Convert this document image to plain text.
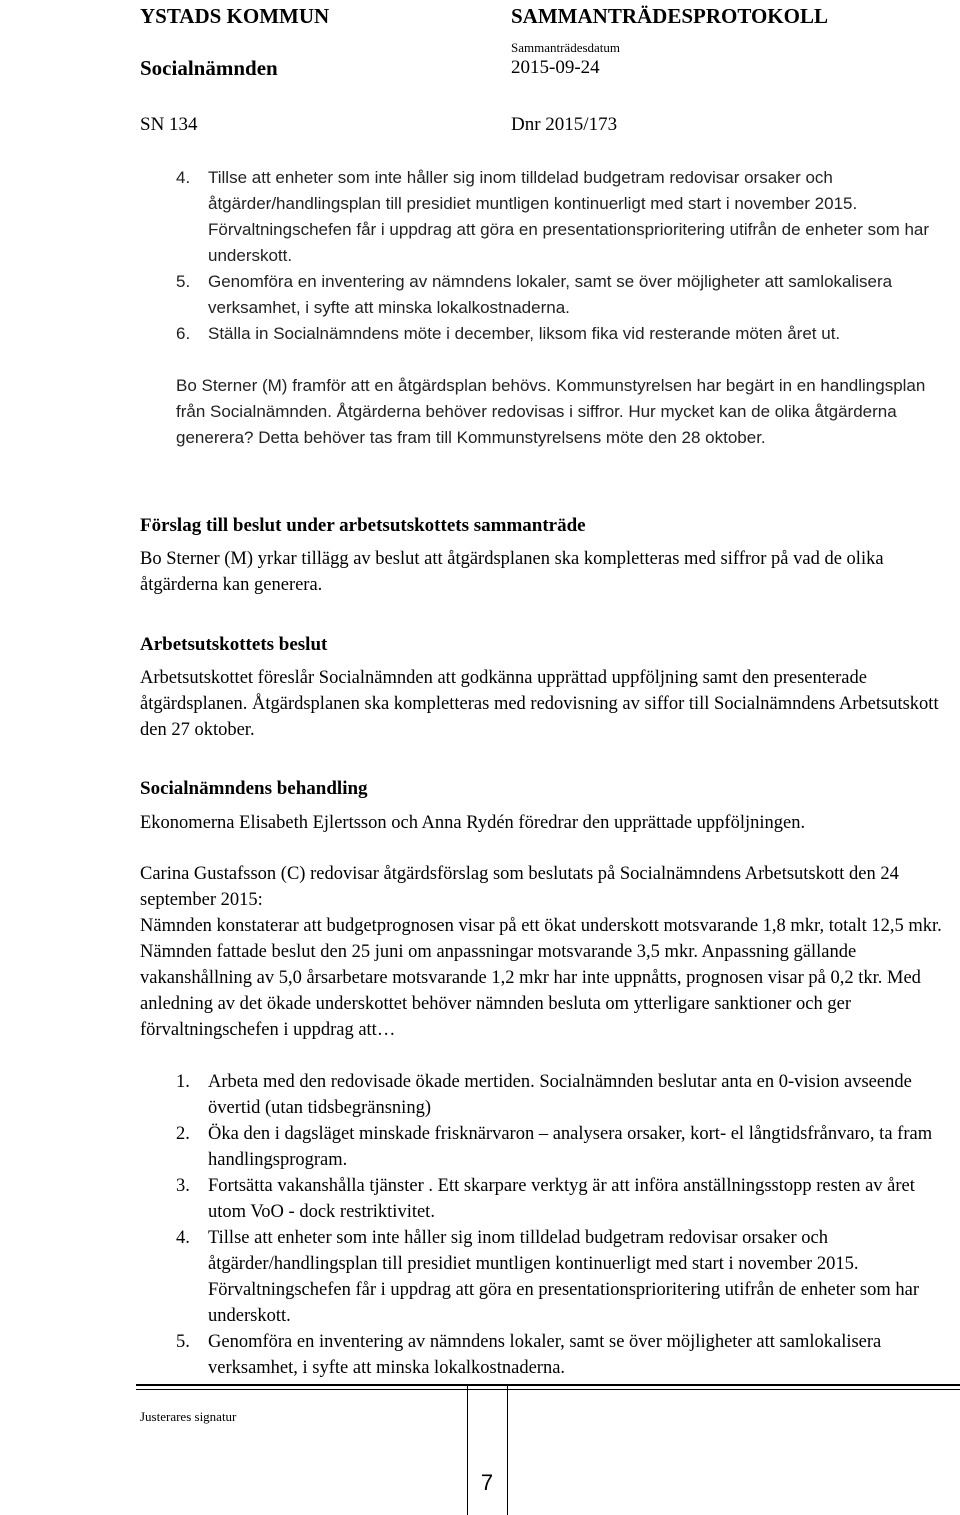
YSTADS KOMMUN	SAMMANTRÄDESPROTOKOLL
Socialnämnden
Sammanträdesdatum
2015-09-24
SN 134	Dnr 2015/173
4.	Tillse att enheter som inte håller sig inom tilldelad budgetram redovisar orsaker och åtgärder/handlingsplan till presidiet muntligen kontinuerligt med start i november 2015. Förvaltningschefen får i uppdrag att göra en presentationsprioritering utifrån de enheter som har underskott.
5.	Genomföra en inventering av nämndens lokaler, samt se över möjligheter att samlokalisera verksamhet, i syfte att minska lokalkostnaderna.
6.	Ställa in Socialnämndens möte i december, liksom fika vid resterande möten året ut.
Bo Sterner (M) framför att en åtgärdsplan behövs. Kommunstyrelsen har begärt in en handlingsplan från Socialnämnden. Åtgärderna behöver redovisas i siffror. Hur mycket kan de olika åtgärderna generera? Detta behöver tas fram till Kommunstyrelsens möte den 28 oktober.
Förslag till beslut under arbetsutskottets sammanträde
Bo Sterner (M) yrkar tillägg av beslut att åtgärdsplanen ska kompletteras med siffror på vad de olika åtgärderna kan generera.
Arbetsutskottets beslut
Arbetsutskottet föreslår Socialnämnden att godkänna upprättad uppföljning samt den presenterade åtgärdsplanen. Åtgärdsplanen ska kompletteras med redovisning av siffor till Socialnämndens Arbetsutskott den 27 oktober.
Socialnämndens behandling
Ekonomerna Elisabeth Ejlertsson och Anna Rydén föredrar den upprättade uppföljningen.
Carina Gustafsson (C) redovisar åtgärdsförslag som beslutats på Socialnämndens Arbetsutskott den 24 september 2015:
Nämnden konstaterar att budgetprognosen visar på ett ökat underskott motsvarande 1,8 mkr, totalt 12,5 mkr. Nämnden fattade beslut den 25 juni om anpassningar motsvarande 3,5 mkr. Anpassning gällande vakanshållning av 5,0 årsarbetare motsvarande 1,2 mkr har inte uppnåtts, prognosen visar på 0,2 tkr. Med anledning av det ökade underskottet behöver nämnden besluta om ytterligare sanktioner och ger förvaltningschefen i uppdrag att…
1. Arbeta med den redovisade ökade mertiden. Socialnämnden beslutar anta en 0-vision avseende övertid (utan tidsbegränsning)
2. Öka den i dagsläget minskade frisknärvaron – analysera orsaker, kort- el långtidsfrånvaro, ta fram handlingsprogram.
3. Fortsätta vakanshålla tjänster . Ett skarpare verktyg är att införa anställningsstopp resten av året utom VoO - dock restriktivitet.
4. Tillse att enheter som inte håller sig inom tilldelad budgetram redovisar orsaker och åtgärder/handlingsplan till presidiet muntligen kontinuerligt med start i november 2015. Förvaltningschefen får i uppdrag att göra en presentationsprioritering utifrån de enheter som har underskott.
5. Genomföra en inventering av nämndens lokaler, samt se över möjligheter att samlokalisera verksamhet, i syfte att minska lokalkostnaderna.
Justerares signatur
7
